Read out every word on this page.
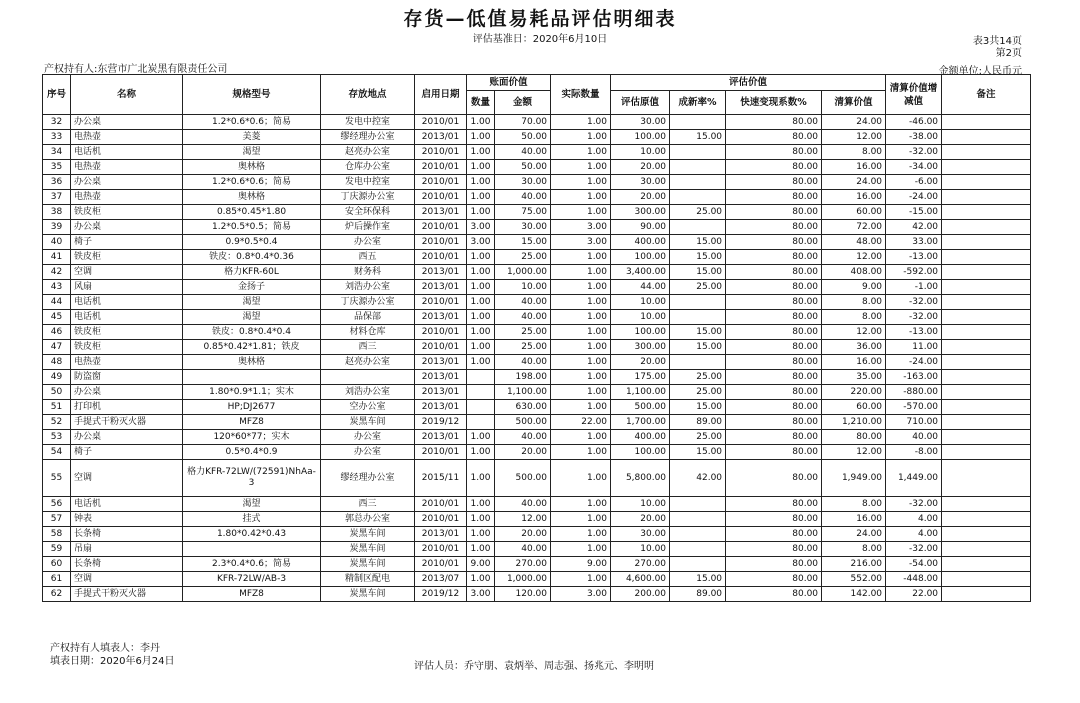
存货—低值易耗品评估明细表
评估基准日：2020年6月10日	表3共14页
第2页
产权持有人:东营市广北炭黑有限责任公司	金额单位:人民币元
序号	名称	规格型号	存放地点	启用日期	账面价值		实际数量	评估价值				清算价值增减值	备注
					数量	金额		评估原值	成新率%	快速变现系数%	清算价值		
32	办公桌	1.2*0.6*0.6；简易	发电中控室	2010/01	1.00	70.00	1.00	30.00		80.00	24.00	-46.00	
33	电热壶	美菱	缪经理办公室	2013/01	1.00	50.00	1.00	100.00	15.00	80.00	12.00	-38.00	
34	电话机	渴望	赵亮办公室	2010/01	1.00	40.00	1.00	10.00		80.00	8.00	-32.00	
35	电热壶	奥林格	仓库办公室	2010/01	1.00	50.00	1.00	20.00		80.00	16.00	-34.00	
36	办公桌	1.2*0.6*0.6；简易	发电中控室	2010/01	1.00	30.00	1.00	30.00		80.00	24.00	-6.00	
37	电热壶	奥林格	丁庆源办公室	2010/01	1.00	40.00	1.00	20.00		80.00	16.00	-24.00	
38	铁皮柜	0.85*0.45*1.80	安全环保科	2013/01	1.00	75.00	1.00	300.00	25.00	80.00	60.00	-15.00	
39	办公桌	1.2*0.5*0.5；简易	炉后操作室	2010/01	3.00	30.00	3.00	90.00		80.00	72.00	42.00	
40	椅子	0.9*0.5*0.4	办公室	2010/01	3.00	15.00	3.00	400.00	15.00	80.00	48.00	33.00	
41	铁皮柜	铁皮：0.8*0.4*0.36	西五	2010/01	1.00	25.00	1.00	100.00	15.00	80.00	12.00	-13.00	
42	空调	格力KFR-60L	财务科	2013/01	1.00	1,000.00	1.00	3,400.00	15.00	80.00	408.00	-592.00	
43	风扇	金扬子	刘浩办公室	2013/01	1.00	10.00	1.00	44.00	25.00	80.00	9.00	-1.00	
44	电话机	渴望	丁庆源办公室	2010/01	1.00	40.00	1.00	10.00		80.00	8.00	-32.00	
45	电话机	渴望	品保部	2013/01	1.00	40.00	1.00	10.00		80.00	8.00	-32.00	
46	铁皮柜	铁皮：0.8*0.4*0.4	材料仓库	2010/01	1.00	25.00	1.00	100.00	15.00	80.00	12.00	-13.00	
47	铁皮柜	0.85*0.42*1.81；铁皮	西三	2010/01	1.00	25.00	1.00	300.00	15.00	80.00	36.00	11.00	
48	电热壶	奥林格	赵亮办公室	2013/01	1.00	40.00	1.00	20.00		80.00	16.00	-24.00	
49	防盗窗			2013/01		198.00	1.00	175.00	25.00	80.00	35.00	-163.00	
50	办公桌	1.80*0.9*1.1；实木	刘浩办公室	2013/01		1,100.00	1.00	1,100.00	25.00	80.00	220.00	-880.00	
51	打印机	HP;DJ2677	空办公室	2013/01		630.00	1.00	500.00	15.00	80.00	60.00	-570.00	
52	手提式干粉灭火器	MFZ8	炭黑车间	2019/12		500.00	22.00	1,700.00	89.00	80.00	1,210.00	710.00	
53	办公桌	120*60*77；实木	办公室	2013/01	1.00	40.00	1.00	400.00	25.00	80.00	80.00	40.00	
54	椅子	0.5*0.4*0.9	办公室	2010/01	1.00	20.00	1.00	100.00	15.00	80.00	12.00	-8.00	
55	空调	格力KFR-72LW/(72591)NhAa-3	缪经理办公室	2015/11	1.00	500.00	1.00	5,800.00	42.00	80.00	1,949.00	1,449.00	
56	电话机	渴望	西三	2010/01	1.00	40.00	1.00	10.00		80.00	8.00	-32.00	
57	钟表	挂式	郭总办公室	2010/01	1.00	12.00	1.00	20.00		80.00	16.00	4.00	
58	长条椅	1.80*0.42*0.43	炭黑车间	2013/01	1.00	20.00	1.00	30.00		80.00	24.00	4.00	
59	吊扇		炭黑车间	2010/01	1.00	40.00	1.00	10.00		80.00	8.00	-32.00	
60	长条椅	2.3*0.4*0.6；简易	炭黑车间	2010/01	9.00	270.00	9.00	270.00		80.00	216.00	-54.00	
61	空调	KFR-72LW/AB-3	精制区配电	2013/07	1.00	1,000.00	1.00	4,600.00	15.00	80.00	552.00	-448.00	
62	手提式干粉灭火器	MFZ8	炭黑车间	2019/12	3.00	120.00	3.00	200.00	89.00	80.00	142.00	22.00	
产权持有人填表人：李丹
填表日期：2020年6月24日	评估人员：乔守朋、袁炳举、周志强、扬兆元、李明明
